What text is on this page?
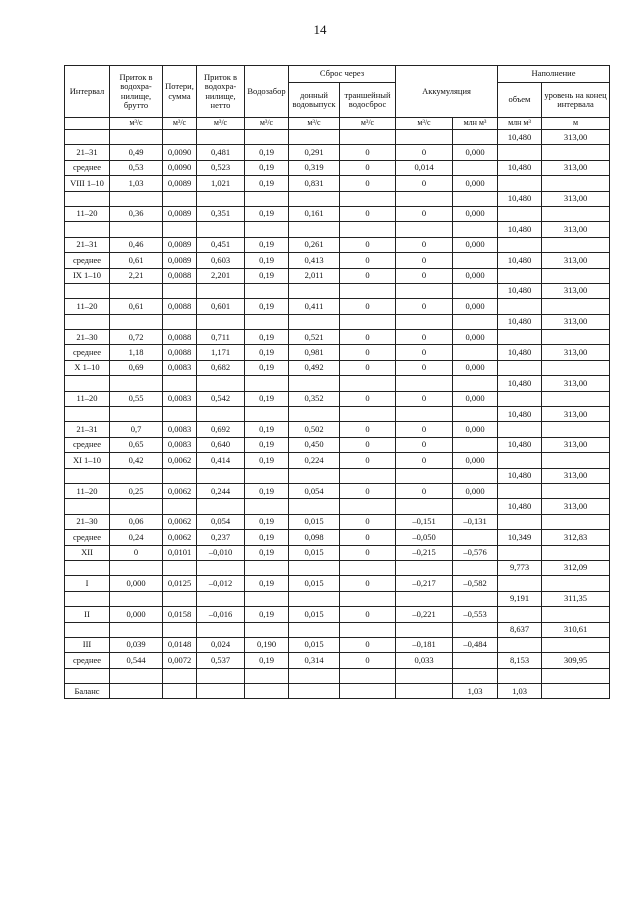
14
Интервал	Приток в водохра-нилище, брутто	Потери, сумма	Приток в водохра-нилище, нетто	Водозабор	Сброс через		Аккумуляция		Наполнение	
					донный водовыпуск	траншейный водосброс			объем	уровень на конец интервала
	м³/с	м³/с	м³/с	м³/с	м³/с	м³/с	м³/с	млн м³	млн м³	м
									10,480	313,00
21–31	0,49	0,0090	0,481	0,19	0,291	0	0	0,000		
среднее	0,53	0,0090	0,523	0,19	0,319	0	0,014		10,480	313,00
VIII 1–10	1,03	0,0089	1,021	0,19	0,831	0	0	0,000		
									10,480	313,00
11–20	0,36	0,0089	0,351	0,19	0,161	0	0	0,000		
									10,480	313,00
21–31	0,46	0,0089	0,451	0,19	0,261	0	0	0,000		
среднее	0,61	0,0089	0,603	0,19	0,413	0	0		10,480	313,00
IX 1–10	2,21	0,0088	2,201	0,19	2,011	0	0	0,000		
									10,480	313,00
11–20	0,61	0,0088	0,601	0,19	0,411	0	0	0,000		
									10,480	313,00
21–30	0,72	0,0088	0,711	0,19	0,521	0	0	0,000		
среднее	1,18	0,0088	1,171	0,19	0,981	0	0		10,480	313,00
X 1–10	0,69	0,0083	0,682	0,19	0,492	0	0	0,000		
									10,480	313,00
11–20	0,55	0,0083	0,542	0,19	0,352	0	0	0,000		
									10,480	313,00
21–31	0,7	0,0083	0,692	0,19	0,502	0	0	0,000		
среднее	0,65	0,0083	0,640	0,19	0,450	0	0		10,480	313,00
XI 1–10	0,42	0,0062	0,414	0,19	0,224	0	0	0,000		
									10,480	313,00
11–20	0,25	0,0062	0,244	0,19	0,054	0	0	0,000		
									10,480	313,00
21–30	0,06	0,0062	0,054	0,19	0,015	0	–0,151	–0,131		
среднее	0,24	0,0062	0,237	0,19	0,098	0	–0,050		10,349	312,83
XII	0	0,0101	–0,010	0,19	0,015	0	–0,215	–0,576		
									9,773	312,09
I	0,000	0,0125	–0,012	0,19	0,015	0	–0,217	–0,582		
									9,191	311,35
II	0,000	0,0158	–0,016	0,19	0,015	0	–0,221	–0,553		
									8,637	310,61
III	0,039	0,0148	0,024	0,190	0,015	0	–0,181	–0,484		
среднее	0,544	0,0072	0,537	0,19	0,314	0	0,033		8,153	309,95

Баланс								1,03	1,03	
